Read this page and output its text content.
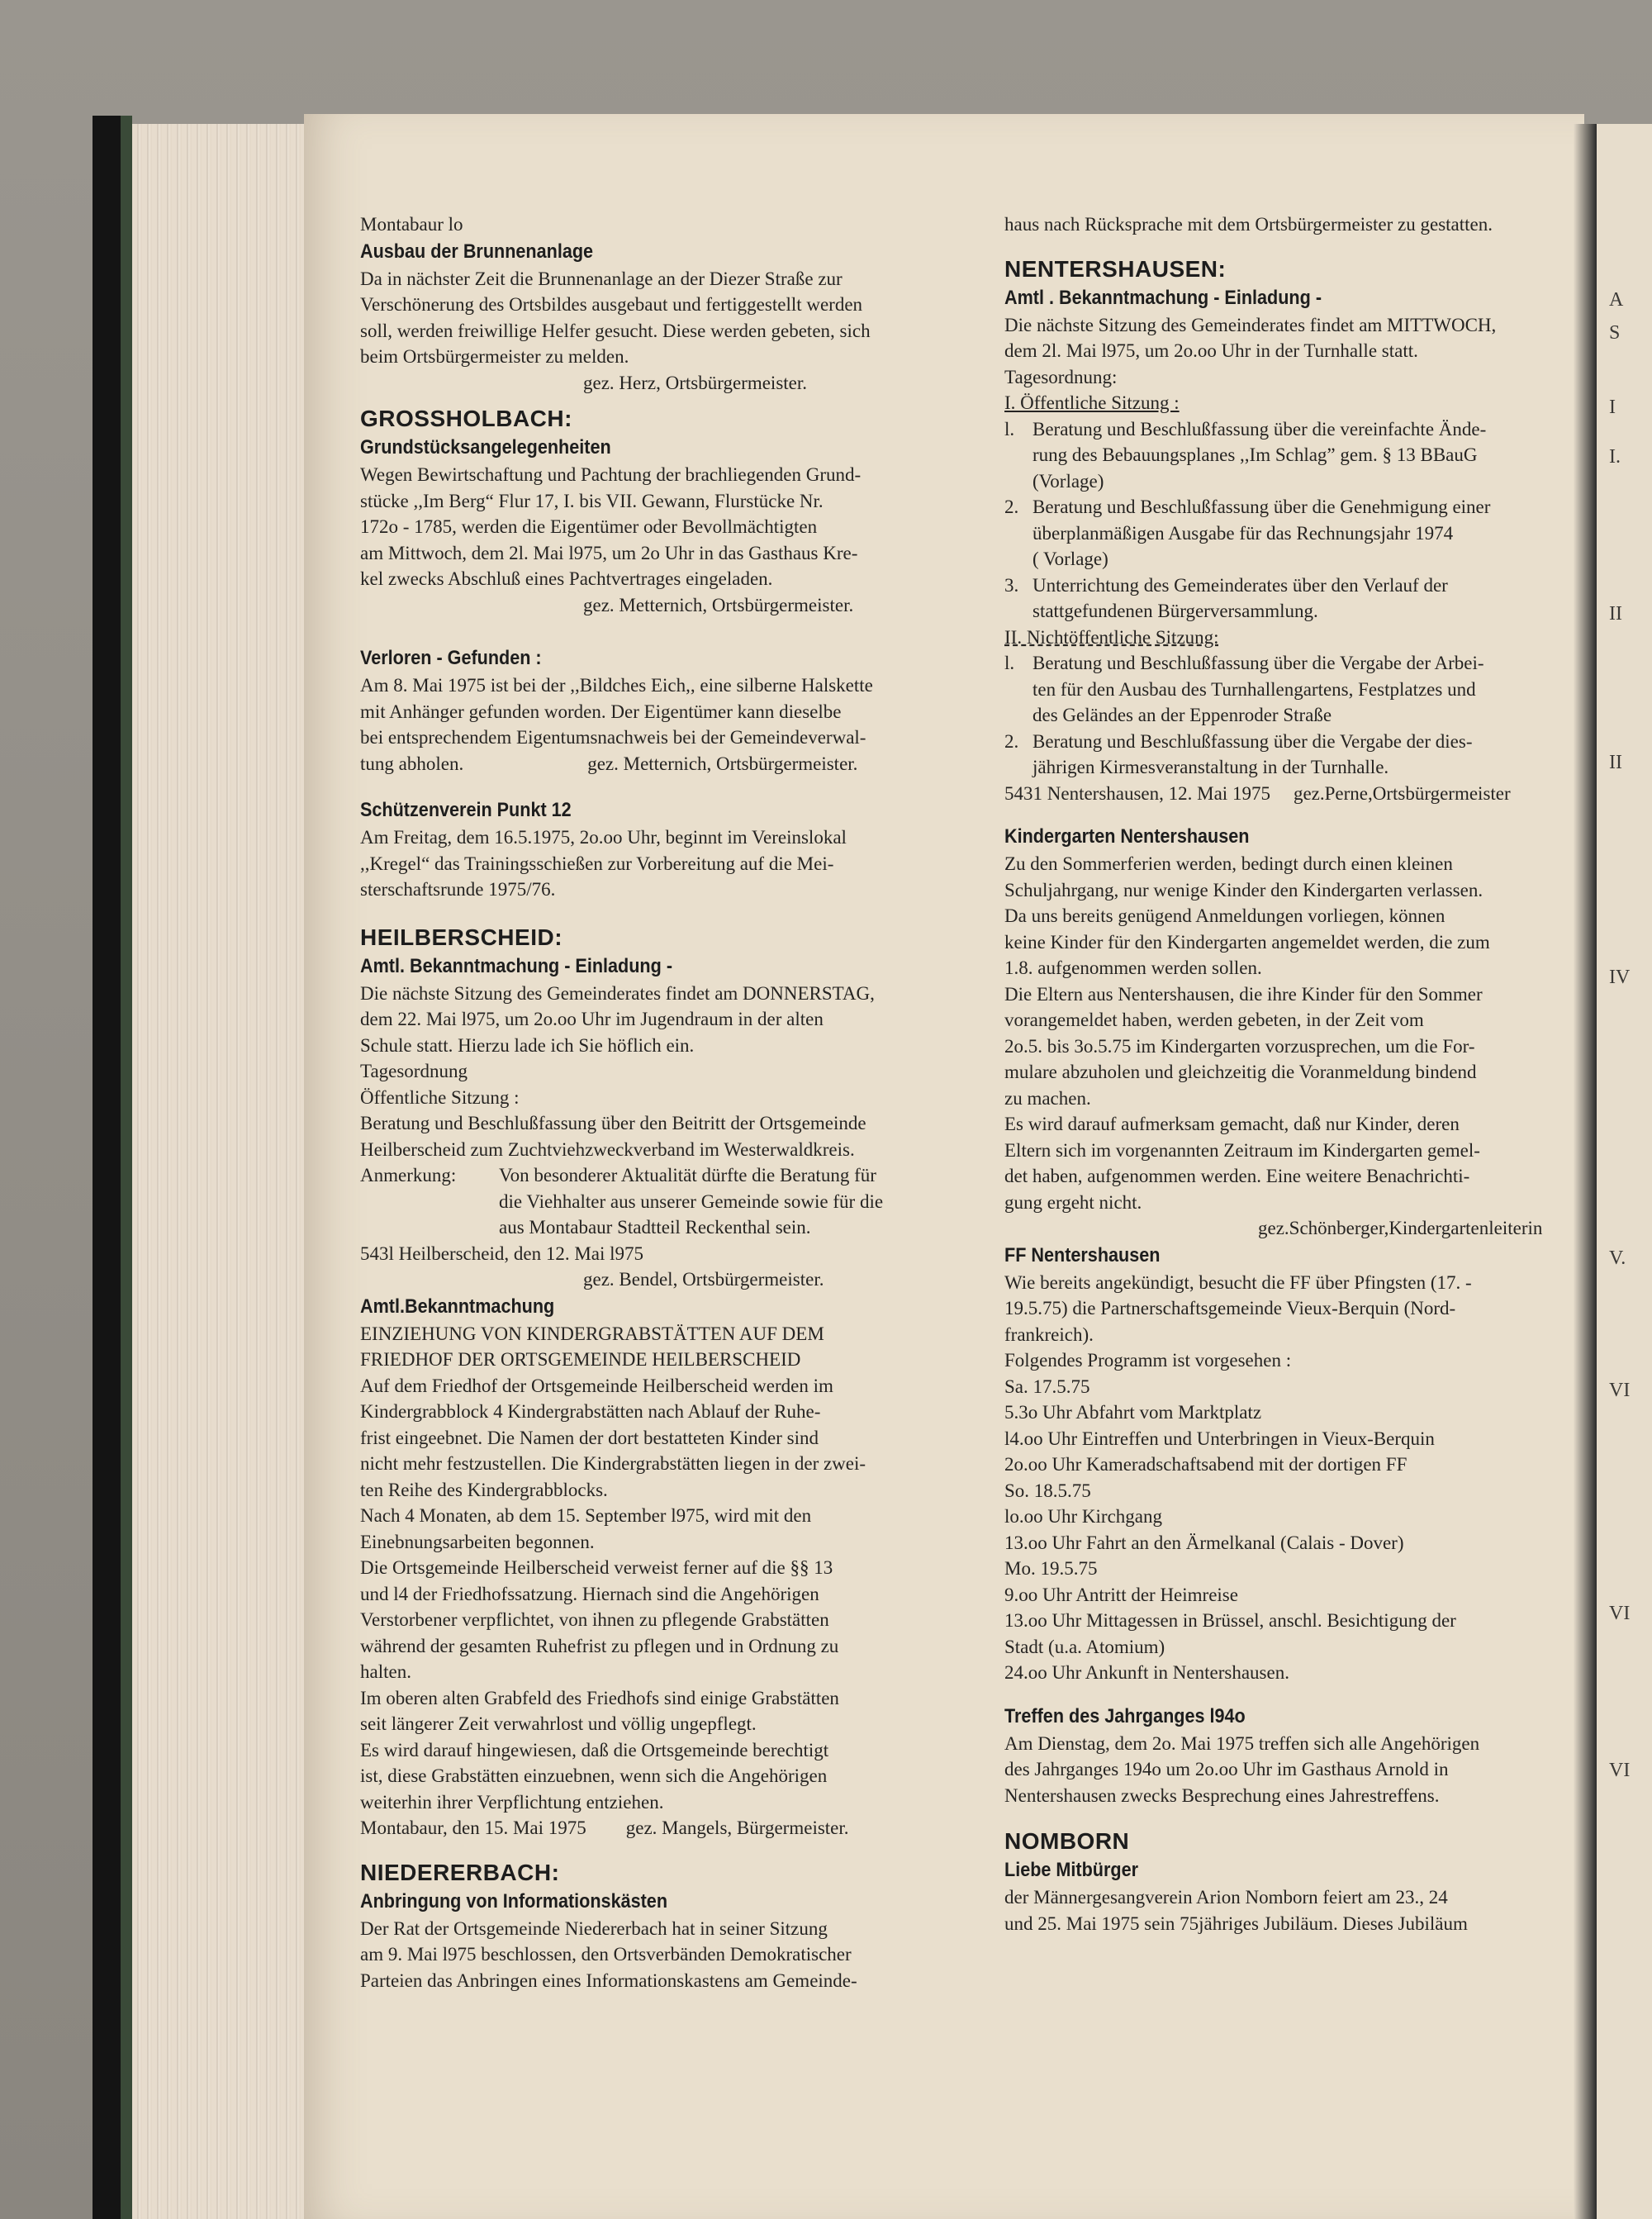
Montabaur lo

Ausbau der Brunnenanlage

Da in nächster Zeit die Brunnenanlage an der Diezer Straße zur

Verschönerung des Ortsbildes ausgebaut und fertiggestellt werden

soll, werden freiwillige Helfer gesucht. Diese werden gebeten, sich

beim Ortsbürgermeister zu melden.

gez. Herz, Ortsbürgermeister.

GROSSHOLBACH:
Grundstücksangelegenheiten

Wegen Bewirtschaftung und Pachtung der brachliegenden Grund-

stücke ,,Im Berg“ Flur 17, I. bis VII. Gewann, Flurstücke Nr.

172o - 1785, werden die Eigentümer oder Bevollmächtigten

am Mittwoch, dem 2l. Mai l975, um 2o Uhr in das Gasthaus Kre-

kel zwecks Abschluß eines Pachtvertrages eingeladen.

gez. Metternich, Ortsbürgermeister.

Verloren - Gefunden :

Am 8. Mai 1975 ist bei der ,,Bildches Eich,, eine silberne Halskette

mit Anhänger gefunden worden. Der Eigentümer kann dieselbe

bei entsprechendem Eigentumsnachweis bei der Gemeindeverwal-

tung abholen.	gez. Metternich, Ortsbürgermeister.

Schützenverein Punkt 12

Am Freitag, dem 16.5.1975, 2o.oo Uhr, beginnt im Vereinslokal

,,Kregel“ das Trainingsschießen zur Vorbereitung auf die Mei-

sterschaftsrunde 1975/76.

HEILBERSCHEID:
Amtl. Bekanntmachung - Einladung -

Die nächste Sitzung des Gemeinderates findet am DONNERSTAG,

dem 22. Mai l975, um 2o.oo Uhr im Jugendraum in der alten

Schule statt. Hierzu lade ich Sie höflich ein.

Tagesordnung

Öffentliche Sitzung :

Beratung und Beschlußfassung über den Beitritt der Ortsgemeinde

Heilberscheid zum Zuchtviehzweckverband im Westerwaldkreis.

Anmerkung: Von besonderer Aktualität dürfte die Beratung für

die Viehhalter aus unserer Gemeinde sowie für die

aus Montabaur Stadtteil Reckenthal sein.

543l Heilberscheid, den 12. Mai l975

gez. Bendel, Ortsbürgermeister.

Amtl.Bekanntmachung

EINZIEHUNG VON KINDERGRABSTÄTTEN AUF DEM

FRIEDHOF DER ORTSGEMEINDE HEILBERSCHEID

Auf dem Friedhof der Ortsgemeinde Heilberscheid werden im

Kindergrabblock 4 Kindergrabstätten nach Ablauf der Ruhe-

frist eingeebnet. Die Namen der dort bestatteten Kinder sind

nicht mehr festzustellen. Die Kindergrabstätten liegen in der zwei-

ten Reihe des Kindergrabblocks.

Nach 4 Monaten, ab dem 15. September l975, wird mit den

Einebnungsarbeiten begonnen.

Die Ortsgemeinde Heilberscheid verweist ferner auf die §§ 13

und l4 der Friedhofssatzung. Hiernach sind die Angehörigen

Verstorbener verpflichtet, von ihnen zu pflegende Grabstätten

während der gesamten Ruhefrist zu pflegen und in Ordnung zu

halten.

Im oberen alten Grabfeld des Friedhofs sind einige Grabstätten

seit längerer Zeit verwahrlost und völlig ungepflegt.

Es wird darauf hingewiesen, daß die Ortsgemeinde berechtigt

ist, diese Grabstätten einzuebnen, wenn sich die Angehörigen

weiterhin ihrer Verpflichtung entziehen.

Montabaur, den 15. Mai 1975 gez. Mangels, Bürgermeister.

NIEDERERBACH:
Anbringung von Informationskästen

Der Rat der Ortsgemeinde Niedererbach hat in seiner Sitzung

am 9. Mai l975 beschlossen, den Ortsverbänden Demokratischer

Parteien das Anbringen eines Informationskastens am Gemeinde-

haus nach Rücksprache mit dem Ortsbürgermeister zu gestatten.

NENTERSHAUSEN:
Amtl . Bekanntmachung - Einladung -

Die nächste Sitzung des Gemeinderates findet am MITTWOCH,

dem 2l. Mai l975, um 2o.oo Uhr in der Turnhalle statt.

Tagesordnung:

I. Öffentliche Sitzung :

l. Beratung und Beschlußfassung über die vereinfachte Ände-

rung des Bebauungsplanes ,,Im Schlag” gem. § 13 BBauG

(Vorlage)

2. Beratung und Beschlußfassung über die Genehmigung einer

überplanmäßigen Ausgabe für das Rechnungsjahr 1974

( Vorlage)

3. Unterrichtung des Gemeinderates über den Verlauf der

stattgefundenen Bürgerversammlung.

II. Nichtöffentliche Sitzung:

l. Beratung und Beschlußfassung über die Vergabe der Arbei-

ten für den Ausbau des Turnhallengartens, Festplatzes und

des Geländes an der Eppenroder Straße

2. Beratung und Beschlußfassung über die Vergabe der dies-

jährigen Kirmesveranstaltung in der Turnhalle.

5431 Nentershausen, 12. Mai 1975 gez.Perne,Ortsbürgermeister

Kindergarten Nentershausen

Zu den Sommerferien werden, bedingt durch einen kleinen

Schuljahrgang, nur wenige Kinder den Kindergarten verlassen.

Da uns bereits genügend Anmeldungen vorliegen, können

keine Kinder für den Kindergarten angemeldet werden, die zum

1.8. aufgenommen werden sollen.

Die Eltern aus Nentershausen, die ihre Kinder für den Sommer

vorangemeldet haben, werden gebeten, in der Zeit vom

2o.5. bis 3o.5.75 im Kindergarten vorzusprechen, um die For-

mulare abzuholen und gleichzeitig die Voranmeldung bindend

zu machen.

Es wird darauf aufmerksam gemacht, daß nur Kinder, deren

Eltern sich im vorgenannten Zeitraum im Kindergarten gemel-

det haben, aufgenommen werden. Eine weitere Benachrichti-

gung ergeht nicht.

gez.Schönberger,Kindergartenleiterin

FF Nentershausen

Wie bereits angekündigt, besucht die FF über Pfingsten (17. -

19.5.75) die Partnerschaftsgemeinde Vieux-Berquin (Nord-

frankreich).

Folgendes Programm ist vorgesehen :

Sa. 17.5.75

5.3o Uhr Abfahrt vom Marktplatz

l4.oo Uhr Eintreffen und Unterbringen in Vieux-Berquin

2o.oo Uhr Kameradschaftsabend mit der dortigen FF

So. 18.5.75

lo.oo Uhr Kirchgang

13.oo Uhr Fahrt an den Ärmelkanal (Calais - Dover)

Mo. 19.5.75

9.oo Uhr Antritt der Heimreise

13.oo Uhr Mittagessen in Brüssel, anschl. Besichtigung der

Stadt (u.a. Atomium)

24.oo Uhr Ankunft in Nentershausen.

Treffen des Jahrganges l94o

Am Dienstag, dem 2o. Mai 1975 treffen sich alle Angehörigen

des Jahrganges 194o um 2o.oo Uhr im Gasthaus Arnold in

Nentershausen zwecks Besprechung eines Jahrestreffens.

NOMBORN
Liebe Mitbürger

der Männergesangverein Arion Nomborn feiert am 23., 24

und 25. Mai 1975 sein 75jähriges Jubiläum. Dieses Jubiläum

A
S
I
I.
II
II
IV
V.
VI
VI
VI
